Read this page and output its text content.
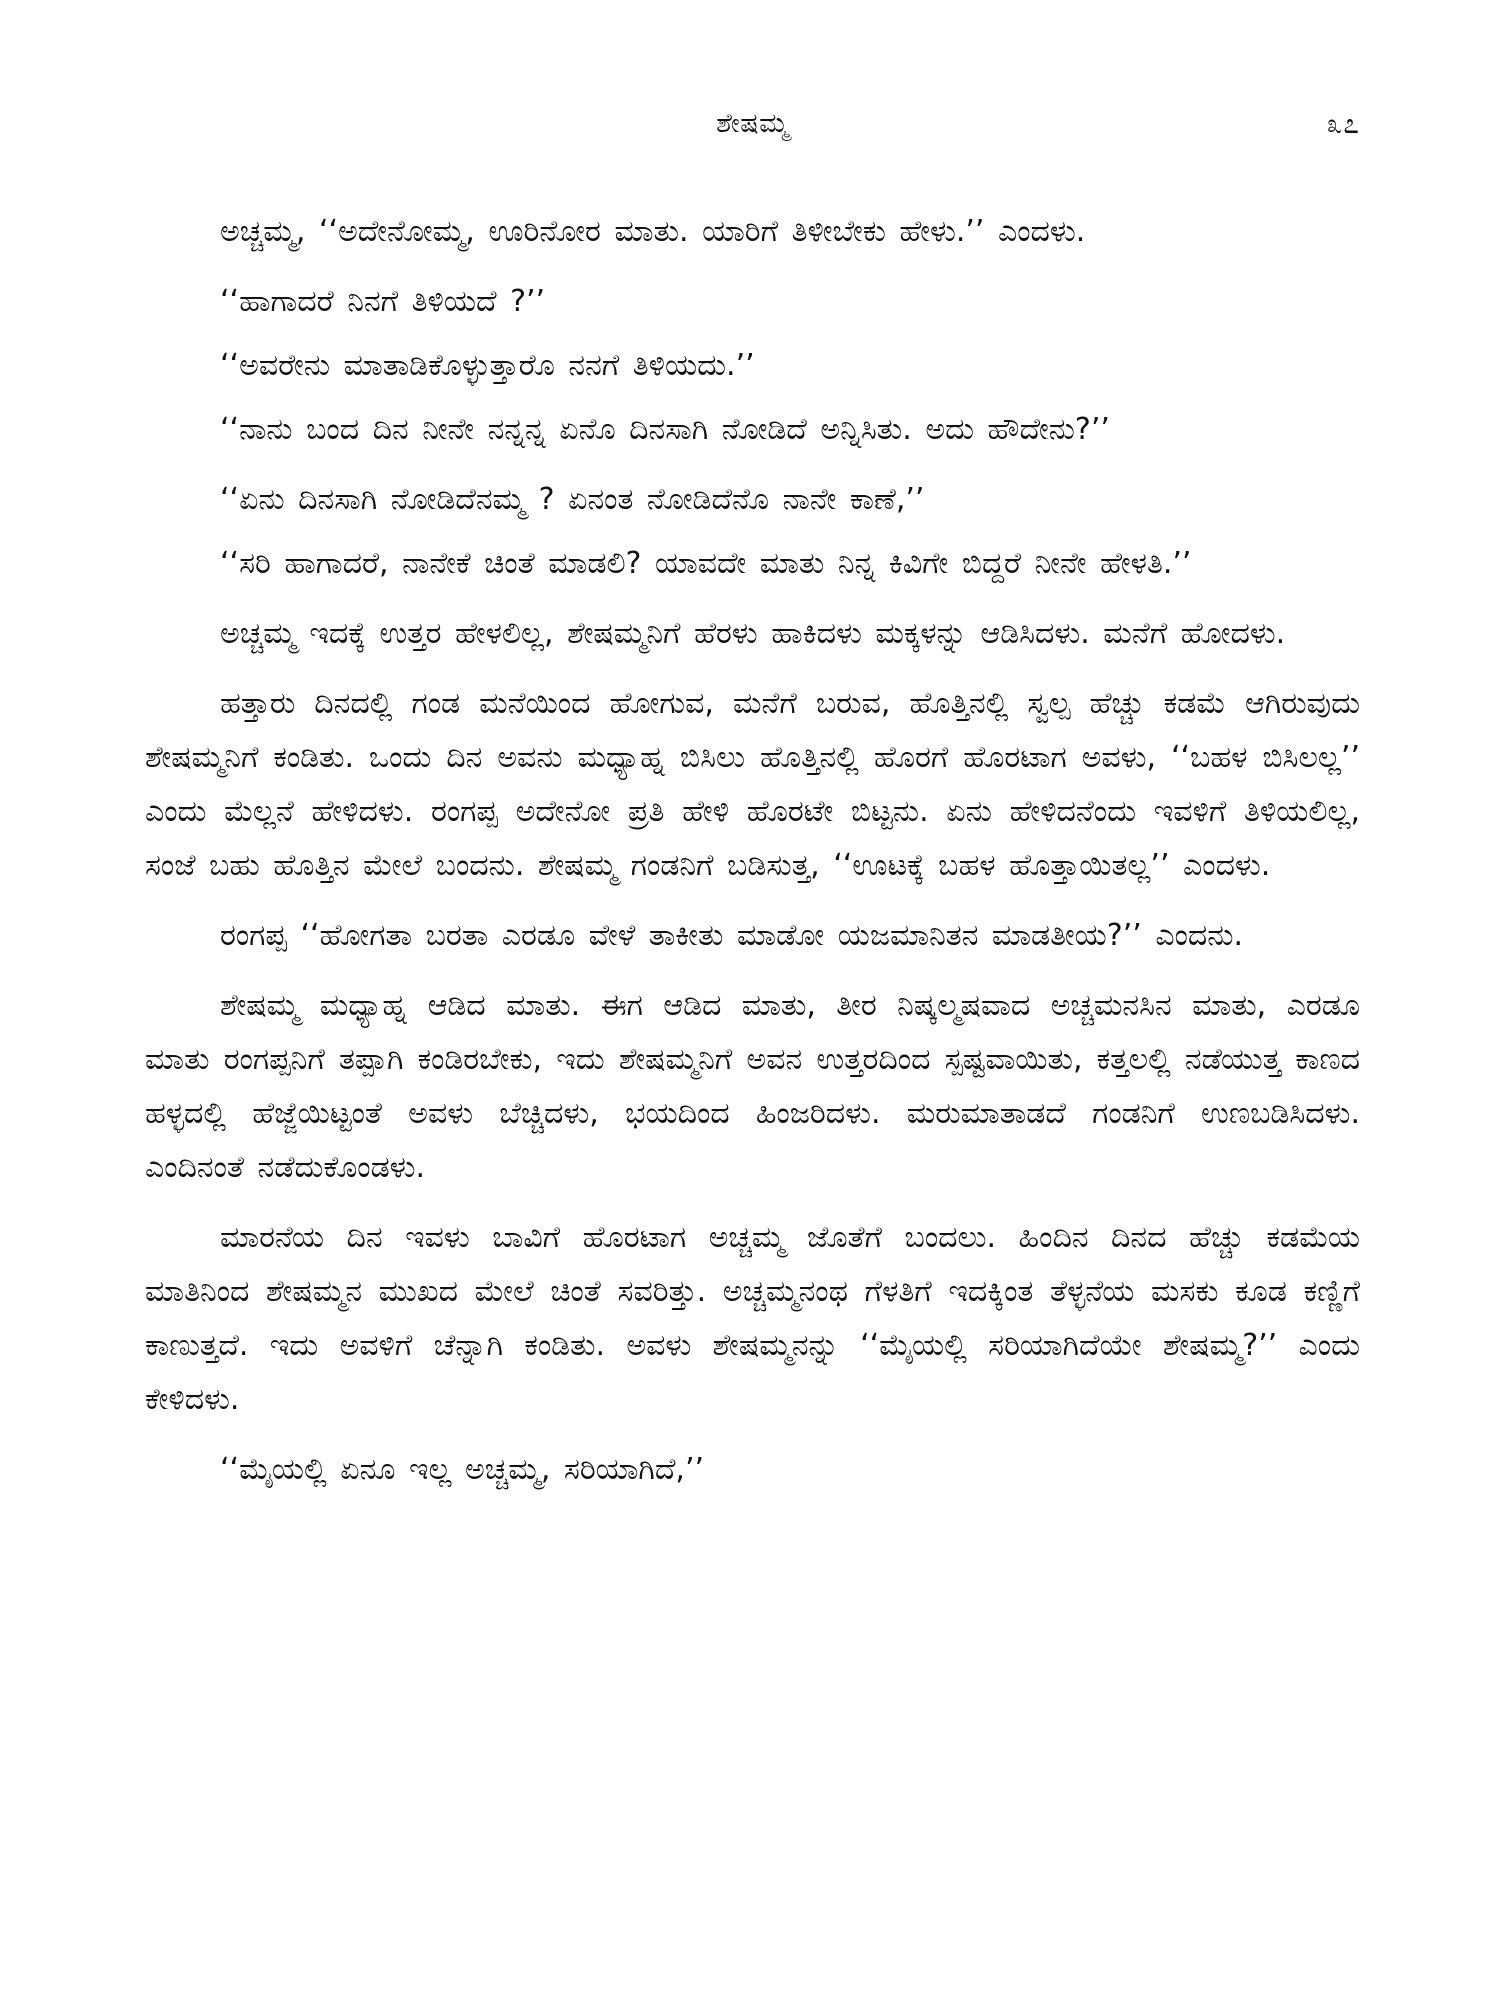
ಶೇಷಮ್ಮ	೩೭

ಅಚ್ಚಮ್ಮ, ‘‘ಅದೇನೋಮ್ಮ, ಊರಿನೋರ ಮಾತು. ಯಾರಿಗೆ ತಿಳೀಬೇಕು ಹೇಳು.’’ ಎಂದಳು.

‘‘ಹಾಗಾದರೆ ನಿನಗೆ ತಿಳಿಯದೆ ?’’

‘‘ಅವರೇನು ಮಾತಾಡಿಕೊಳ್ಳುತ್ತಾರೊ ನನಗೆ ತಿಳಿಯದು.’’

‘‘ನಾನು ಬಂದ ದಿನ ನೀನೇ ನನ್ನನ್ನ ಏನೊ ದಿನಸಾಗಿ ನೋಡಿದೆ ಅನ್ನಿಸಿತು. ಅದು ಹೌದೇನು?’’

‘‘ಏನು ದಿನಸಾಗಿ ನೋಡಿದೆನಮ್ಮ ? ಏನಂತ ನೋಡಿದೆನೊ ನಾನೇ ಕಾಣೆ,’’

‘‘ಸರಿ ಹಾಗಾದರೆ, ನಾನೇಕೆ ಚಿಂತೆ ಮಾಡಲಿ? ಯಾವದೇ ಮಾತು ನಿನ್ನ ಕಿವಿಗೇ ಬಿದ್ದರೆ ನೀನೇ ಹೇಳತಿ.’’

ಅಚ್ಚಮ್ಮ ಇದಕ್ಕೆ ಉತ್ತರ ಹೇಳಲಿಲ್ಲ, ಶೇಷಮ್ಮನಿಗೆ ಹೆರಳು ಹಾಕಿದಳು ಮಕ್ಕಳನ್ನು ಆಡಿಸಿದಳು. ಮನೆಗೆ ಹೋದಳು.

ಹತ್ತಾರು ದಿನದಲ್ಲಿ ಗಂಡ ಮನೆಯಿಂದ ಹೋಗುವ, ಮನೆಗೆ ಬರುವ, ಹೊತ್ತಿನಲ್ಲಿ ಸ್ವಲ್ಪ ಹೆಚ್ಚು ಕಡಮೆ ಆಗಿರುವುದು ಶೇಷಮ್ಮನಿಗೆ ಕಂಡಿತು. ಒಂದು ದಿನ ಅವನು ಮಧ್ಯಾಹ್ನ ಬಿಸಿಲು ಹೊತ್ತಿನಲ್ಲಿ ಹೊರಗೆ ಹೊರಟಾಗ ಅವಳು, ‘‘ಬಹಳ ಬಿಸಿಲಲ್ಲ’’ ಎಂದು ಮೆಲ್ಲನೆ ಹೇಳಿದಳು. ರಂಗಪ್ಪ ಅದೇನೋ ಪ್ರತಿ ಹೇಳಿ ಹೊರಟೇ ಬಿಟ್ಟನು. ಏನು ಹೇಳಿದನೆಂದು ಇವಳಿಗೆ ತಿಳಿಯಲಿಲ್ಲ, ಸಂಜೆ ಬಹು ಹೊತ್ತಿನ ಮೇಲೆ ಬಂದನು. ಶೇಷಮ್ಮ ಗಂಡನಿಗೆ ಬಡಿಸುತ್ತ, ‘‘ಊಟಕ್ಕೆ ಬಹಳ ಹೊತ್ತಾಯಿತಲ್ಲ’’ ಎಂದಳು.

ರಂಗಪ್ಪ ‘‘ಹೋಗತಾ ಬರತಾ ಎರಡೂ ವೇಳೆ ತಾಕೀತು ಮಾಡೋ ಯಜಮಾನಿತನ ಮಾಡತೀಯ?’’ ಎಂದನು.

ಶೇಷಮ್ಮ ಮಧ್ಯಾಹ್ನ ಆಡಿದ ಮಾತು. ಈಗ ಆಡಿದ ಮಾತು, ತೀರ ನಿಷ್ಕಲ್ಮಷವಾದ ಅಚ್ಚಮನಸಿನ ಮಾತು, ಎರಡೂ ಮಾತು ರಂಗಪ್ಪನಿಗೆ ತಪ್ಪಾಗಿ ಕಂಡಿರಬೇಕು, ಇದು ಶೇಷಮ್ಮನಿಗೆ ಅವನ ಉತ್ತರದಿಂದ ಸ್ಪಷ್ಟವಾಯಿತು, ಕತ್ತಲಲ್ಲಿ ನಡೆಯುತ್ತ ಕಾಣದ ಹಳ್ಳದಲ್ಲಿ ಹೆಜ್ಜೆಯಿಟ್ಟಂತೆ ಅವಳು ಬೆಚ್ಚಿದಳು, ಭಯದಿಂದ ಹಿಂಜರಿದಳು. ಮರುಮಾತಾಡದೆ ಗಂಡನಿಗೆ ಉಣಬಡಿಸಿದಳು. ಎಂದಿನಂತೆ ನಡೆದುಕೊಂಡಳು.

ಮಾರನೆಯ ದಿನ ಇವಳು ಬಾವಿಗೆ ಹೊರಟಾಗ ಅಚ್ಚಮ್ಮ ಜೊತೆಗೆ ಬಂದಲು. ಹಿಂದಿನ ದಿನದ ಹೆಚ್ಚು ಕಡಮೆಯ ಮಾತಿನಿಂದ ಶೇಷಮ್ಮನ ಮುಖದ ಮೇಲೆ ಚಿಂತೆ ಸವರಿತ್ತು. ಅಚ್ಚಮ್ಮನಂಥ ಗೆಳತಿಗೆ ಇದಕ್ಕಿಂತ ತೆಳ್ಳನೆಯ ಮಸಕು ಕೂಡ ಕಣ್ಣಿಗೆ ಕಾಣುತ್ತದೆ. ಇದು ಅವಳಿಗೆ ಚೆನ್ನಾಗಿ ಕಂಡಿತು. ಅವಳು ಶೇಷಮ್ಮನನ್ನು ‘‘ಮೈಯಲ್ಲಿ ಸರಿಯಾಗಿದೆಯೇ ಶೇಷಮ್ಮ?’’ ಎಂದು ಕೇಳಿದಳು.

‘‘ಮೈಯಲ್ಲಿ ಏನೂ ಇಲ್ಲ ಅಚ್ಚಮ್ಮ, ಸರಿಯಾಗಿದೆ,’’
